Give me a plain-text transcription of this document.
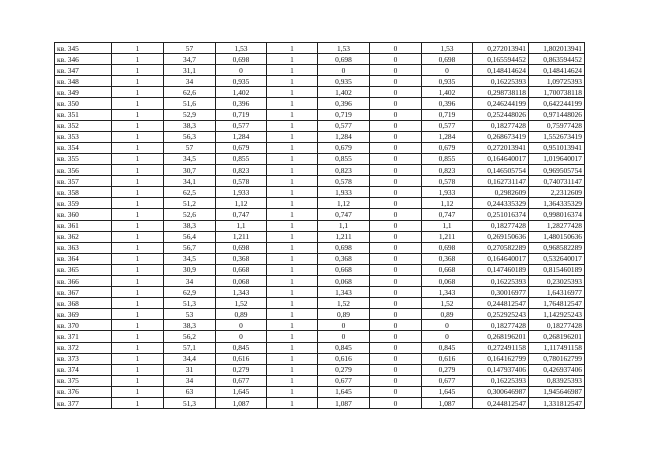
кв. 345	1	57	1,53	1	1,53	0	1,53	0,272013941	1,802013941
кв. 346	1	34,7	0,698	1	0,698	0	0,698	0,165594452	0,863594452
кв. 347	1	31,1	0	1	0	0	0	0,148414624	0,148414624
кв. 348	1	34	0,935	1	0,935	0	0,935	0,16225393	1,09725393
кв. 349	1	62,6	1,402	1	1,402	0	1,402	0,298738118	1,700738118
кв. 350	1	51,6	0,396	1	0,396	0	0,396	0,246244199	0,642244199
кв. 351	1	52,9	0,719	1	0,719	0	0,719	0,252448026	0,971448026
кв. 352	1	38,3	0,577	1	0,577	0	0,577	0,18277428	0,75977428
кв. 353	1	56,3	1,284	1	1,284	0	1,284	0,268673419	1,552673419
кв. 354	1	57	0,679	1	0,679	0	0,679	0,272013941	0,951013941
кв. 355	1	34,5	0,855	1	0,855	0	0,855	0,164640017	1,019640017
кв. 356	1	30,7	0,823	1	0,823	0	0,823	0,146505754	0,969505754
кв. 357	1	34,1	0,578	1	0,578	0	0,578	0,162731147	0,740731147
кв. 358	1	62,5	1,933	1	1,933	0	1,933	0,2982609	2,2312609
кв. 359	1	51,2	1,12	1	1,12	0	1,12	0,244335329	1,364335329
кв. 360	1	52,6	0,747	1	0,747	0	0,747	0,251016374	0,998016374
кв. 361	1	38,3	1,1	1	1,1	0	1,1	0,18277428	1,28277428
кв. 362	1	56,4	1,211	1	1,211	0	1,211	0,269150636	1,480150636
кв. 363	1	56,7	0,698	1	0,698	0	0,698	0,270582289	0,968582289
кв. 364	1	34,5	0,368	1	0,368	0	0,368	0,164640017	0,532640017
кв. 365	1	30,9	0,668	1	0,668	0	0,668	0,147460189	0,815460189
кв. 366	1	34	0,068	1	0,068	0	0,068	0,16225393	0,23025393
кв. 367	1	62,9	1,343	1	1,343	0	1,343	0,30016977	1,64316977
кв. 368	1	51,3	1,52	1	1,52	0	1,52	0,244812547	1,764812547
кв. 369	1	53	0,89	1	0,89	0	0,89	0,252925243	1,142925243
кв. 370	1	38,3	0	1	0	0	0	0,18277428	0,18277428
кв. 371	1	56,2	0	1	0	0	0	0,268196201	0,268196201
кв. 372	1	57,1	0,845	1	0,845	0	0,845	0,272491158	1,117491158
кв. 373	1	34,4	0,616	1	0,616	0	0,616	0,164162799	0,780162799
кв. 374	1	31	0,279	1	0,279	0	0,279	0,147937406	0,426937406
кв. 375	1	34	0,677	1	0,677	0	0,677	0,16225393	0,83925393
кв. 376	1	63	1,645	1	1,645	0	1,645	0,300646987	1,945646987
кв. 377	1	51,3	1,087	1	1,087	0	1,087	0,244812547	1,331812547
